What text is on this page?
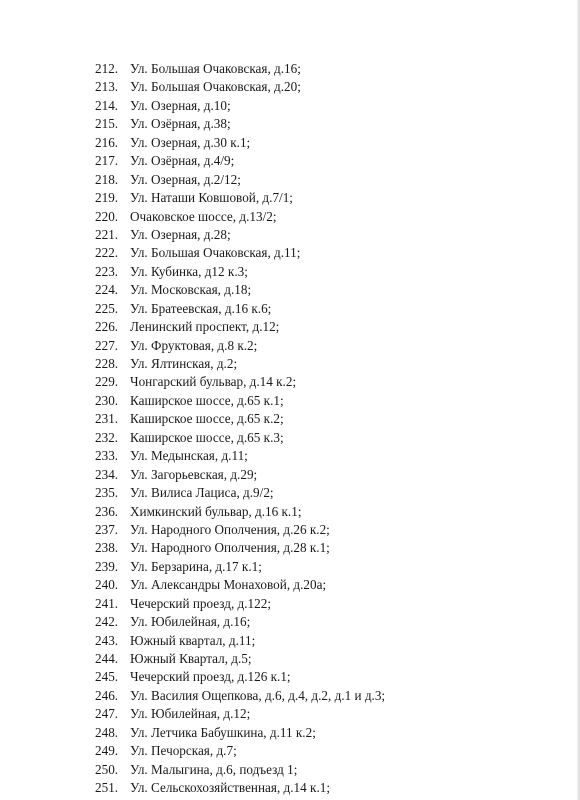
212. Ул. Большая Очаковская, д.16;
213. Ул. Большая Очаковская, д.20;
214. Ул. Озерная, д.10;
215. Ул. Озёрная, д.38;
216. Ул. Озерная, д.30 к.1;
217. Ул. Озёрная, д.4/9;
218. Ул. Озерная, д.2/12;
219. Ул. Наташи Ковшовой, д.7/1;
220. Очаковское шоссе, д.13/2;
221. Ул. Озерная, д.28;
222. Ул. Большая Очаковская, д.11;
223. Ул. Кубинка, д12 к.3;
224. Ул. Московская, д.18;
225. Ул. Братеевская, д.16 к.6;
226. Ленинский проспект, д.12;
227. Ул. Фруктовая, д.8 к.2;
228. Ул. Ялтинская, д.2;
229. Чонгарский бульвар, д.14 к.2;
230. Каширское шоссе, д.65 к.1;
231. Каширское шоссе, д.65 к.2;
232. Каширское шоссе, д.65 к.3;
233. Ул. Медынская, д.11;
234. Ул. Загорьевская, д.29;
235. Ул. Вилиса Лациса, д.9/2;
236. Химкинский бульвар, д.16 к.1;
237. Ул. Народного Ополчения, д.26 к.2;
238. Ул. Народного Ополчения, д.28 к.1;
239. Ул. Берзарина, д.17 к.1;
240. Ул. Александры Монаховой, д.20а;
241. Чечерский проезд, д.122;
242. Ул. Юбилейная, д.16;
243. Южный квартал, д.11;
244. Южный Квартал, д.5;
245. Чечерский проезд, д.126 к.1;
246. Ул. Василия Ощепкова, д.6, д.4, д.2, д.1 и д.3;
247. Ул. Юбилейная, д.12;
248. Ул. Летчика Бабушкина, д.11 к.2;
249. Ул. Печорская, д.7;
250. Ул. Малыгина, д.6, подъезд 1;
251. Ул. Сельскохозяйственная, д.14 к.1;
